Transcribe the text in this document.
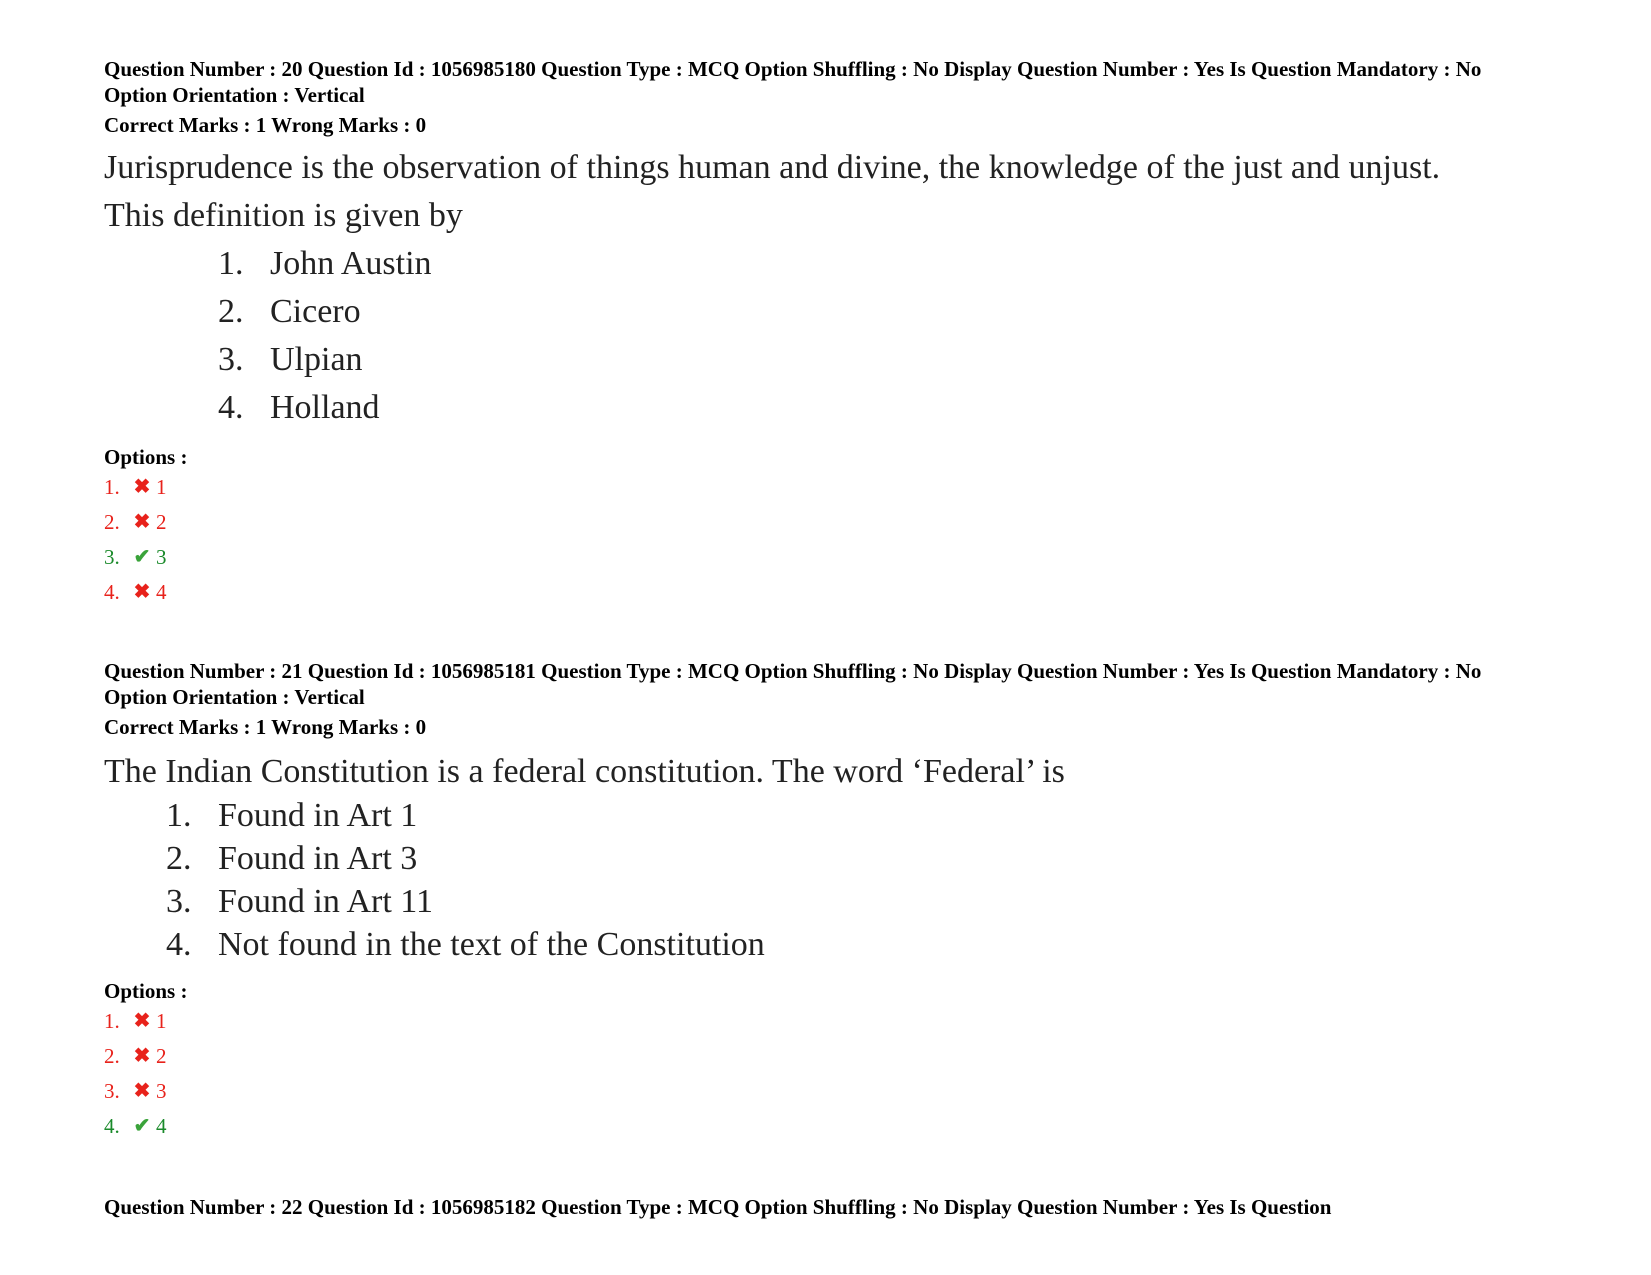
Question Number : 20 Question Id : 1056985180 Question Type : MCQ Option Shuffling : No Display Question Number : Yes Is Question Mandatory : No Option Orientation : Vertical
Correct Marks : 1 Wrong Marks : 0
Jurisprudence is the observation of things human and divine, the knowledge of the just and unjust. This definition is given by
1. John Austin
2. Cicero
3. Ulpian
4. Holland
Options :
1. ✖ 1
2. ✖ 2
3. ✔ 3
4. ✖ 4
Question Number : 21 Question Id : 1056985181 Question Type : MCQ Option Shuffling : No Display Question Number : Yes Is Question Mandatory : No Option Orientation : Vertical
Correct Marks : 1 Wrong Marks : 0
The Indian Constitution is a federal constitution. The word ‘Federal’ is
1. Found in Art 1
2. Found in Art 3
3. Found in Art 11
4. Not found in the text of the Constitution
Options :
1. ✖ 1
2. ✖ 2
3. ✖ 3
4. ✔ 4
Question Number : 22 Question Id : 1056985182 Question Type : MCQ Option Shuffling : No Display Question Number : Yes Is Question
